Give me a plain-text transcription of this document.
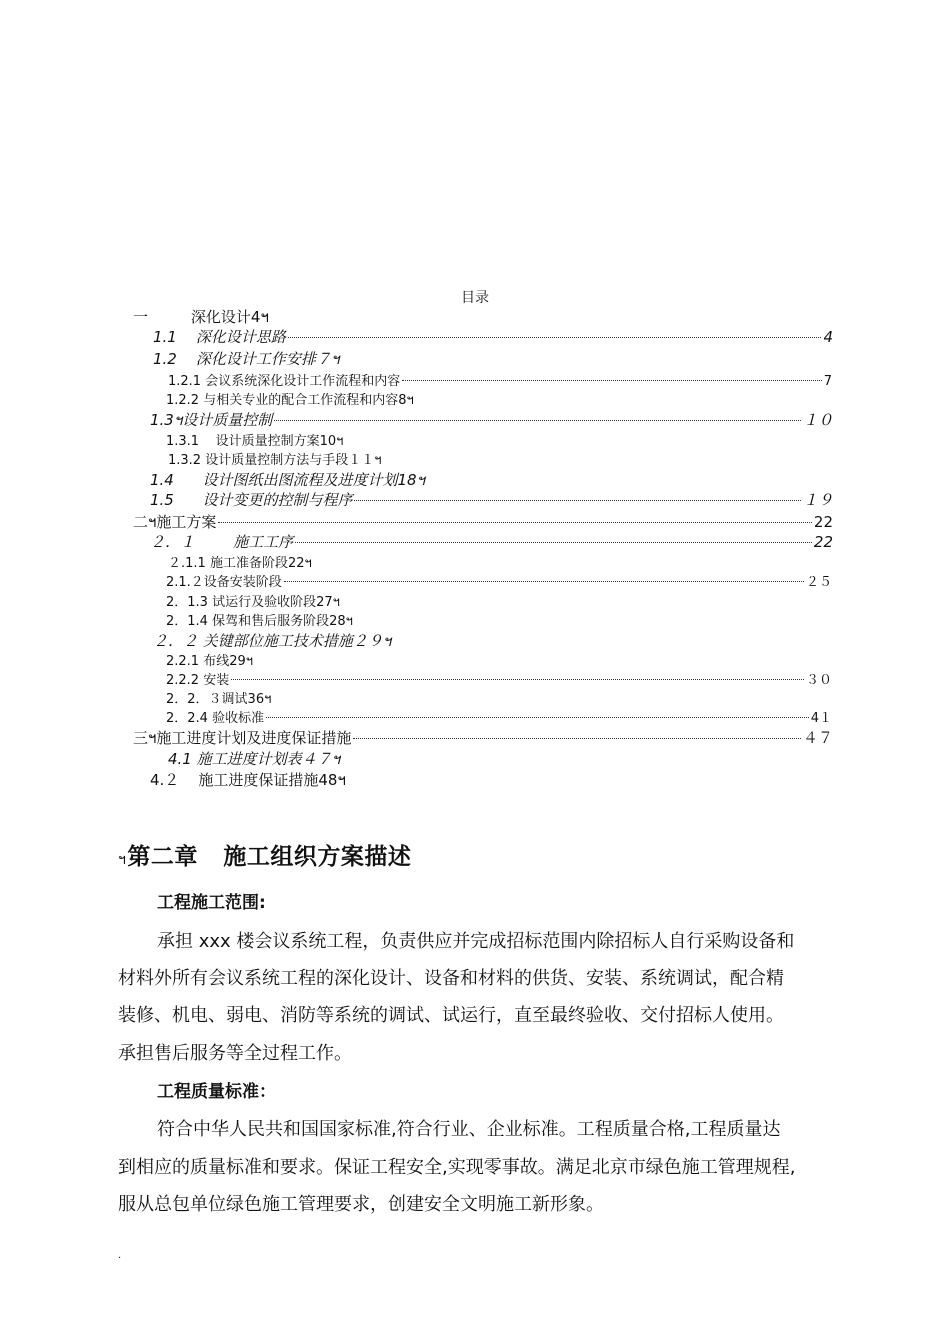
目录
一         深化设计 4ฯ
1.1    深化设计思路	4
1.2    深化设计工作安排 ７ฯ
1.2.1 会议系统深化设计工作流程和内容	7
1.2.2 与相关专业的配合工作流程和内容 8ฯ
1.3ฯ设计质量控制	１０
1.3.1    设计质量控制方案 10ฯ
1.3.2 设计质量控制方法与手段 １１ฯ
1.4      设计图纸出图流程及进度计划 18ฯ
1.5      设计变更的控制与程序	１９
二ฯ施工方案	22
２．１        施工工序	22
２.1.1 施工准备阶段 22ฯ
2.1.２设备安装阶段	２５
2．1.3 试运行及验收阶段 27ฯ
2．1.4 保驾和售后服务阶段 28ฯ
２．２ 关键部位施工技术措施 ２９ฯ
2.2.1 布线 29ฯ
2.2.2 安装	３０
2．2．３调试 36ฯ
2．2.4 验收标准	4１
三ฯ施工进度计划及进度保证措施	４７
4.1 施工进度计划表 ４７ฯ
4.２    施工进度保证措施 48ฯ
ฯ第二章   施工组织方案描述
工程施工范围:
承担 xxx 楼会议系统工程，负责供应并完成招标范围内除招标人自行采购设备和
材料外所有会议系统工程的深化设计、设备和材料的供货、安装、系统调试，配合精
装修、机电、弱电、消防等系统的调试、试运行，直至最终验收、交付招标人使用。
承担售后服务等全过程工作。
工程质量标准：
符合中华人民共和国国家标准,符合行业、企业标准。工程质量合格,工程质量达
到相应的质量标准和要求。保证工程安全,实现零事故。满足北京市绿色施工管理规程,
服从总包单位绿色施工管理要求，创建安全文明施工新形象。
.
